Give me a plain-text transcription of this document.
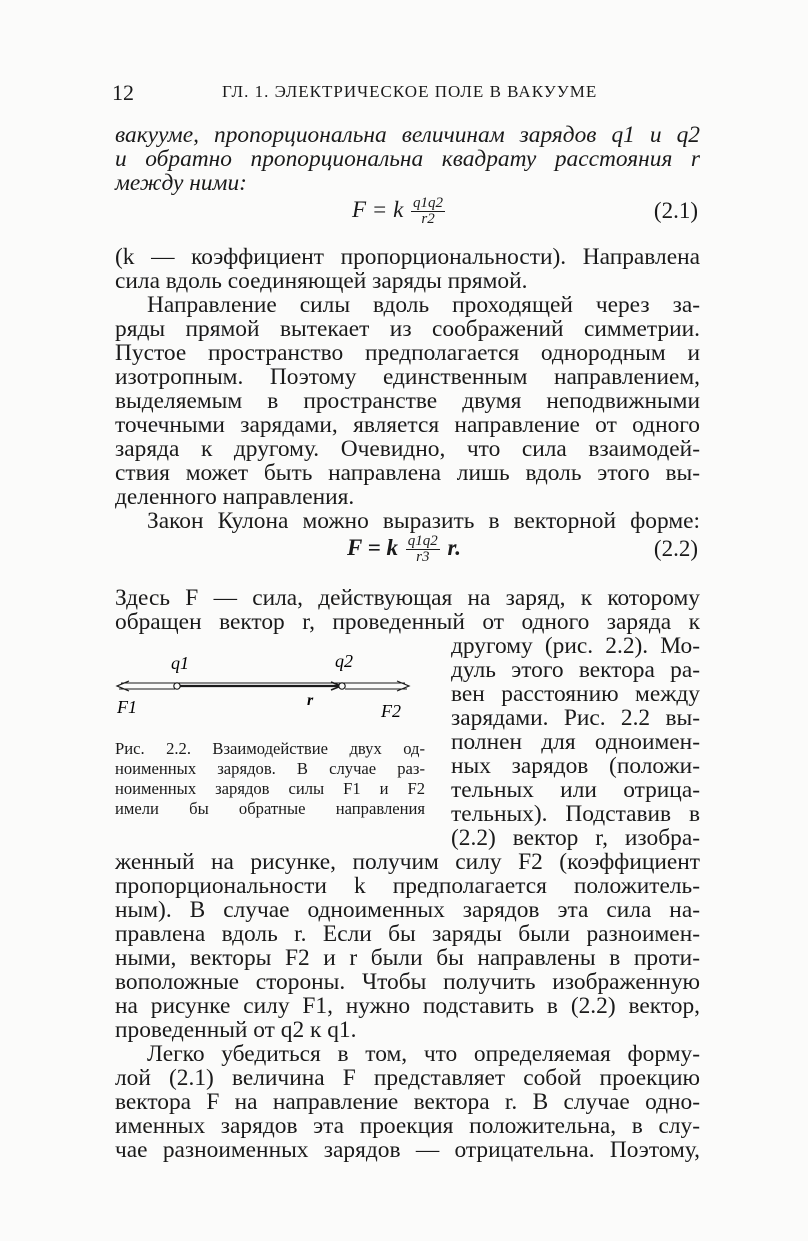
12	ГЛ. 1. ЭЛЕКТРИЧЕСКОЕ ПОЛЕ В ВАКУУМЕ
вакууме, пропорциональна величинам зарядов q1 и q2
и обратно пропорциональна квадрату расстояния r
между ними:
F = k $\frac{q1q2}{r2}$	(2.1)
(k — коэффициент пропорциональности). Направлена
сила вдоль соединяющей заряды прямой.
Направление силы вдоль проходящей через за-
ряды прямой вытекает из соображений симметрии.
Пустое пространство предполагается однородным и
изотропным. Поэтому единственным направлением,
выделяемым в пространстве двумя неподвижными
точечными зарядами, является направление от одного
заряда к другому. Очевидно, что сила взаимодей-
ствия может быть направлена лишь вдоль этого вы-
деленного направления.
Закон Кулона можно выразить в векторной форме:
F = k $\frac{q1q2}{r3} r$.	(2.2)
Здесь F — сила, действующая на заряд, к которому
обращен вектор r, проведенный от одного заряда к
другому (рис. 2.2). Мо-
дуль этого вектора ра-
вен расстоянию между
зарядами. Рис. 2.2 вы-
полнен для одноимен-
ных зарядов (положи-
тельных или отрица-
тельных). Подставив в
(2.2) вектор r, изобра-
q1	q2
r
F1	F2
Рис. 2.2. Взаимодействие двух од-
ноименных зарядов. В случае раз-
ноименных зарядов силы F1 и F2
имели бы обратные направления
женный на рисунке, получим силу F2 (коэффициент
пропорциональности k предполагается положитель-
ным). В случае одноименных зарядов эта сила на-
правлена вдоль r. Если бы заряды были разноимен-
ными, векторы F2 и r были бы направлены в проти-
воположные стороны. Чтобы получить изображенную
на рисунке силу F1, нужно подставить в (2.2) вектор,
проведенный от q2 к q1.
Легко убедиться в том, что определяемая форму-
лой (2.1) величина F представляет собой проекцию
вектора F на направление вектора r. В случае одно-
именных зарядов эта проекция положительна, в слу-
чае разноименных зарядов — отрицательна. Поэтому,
